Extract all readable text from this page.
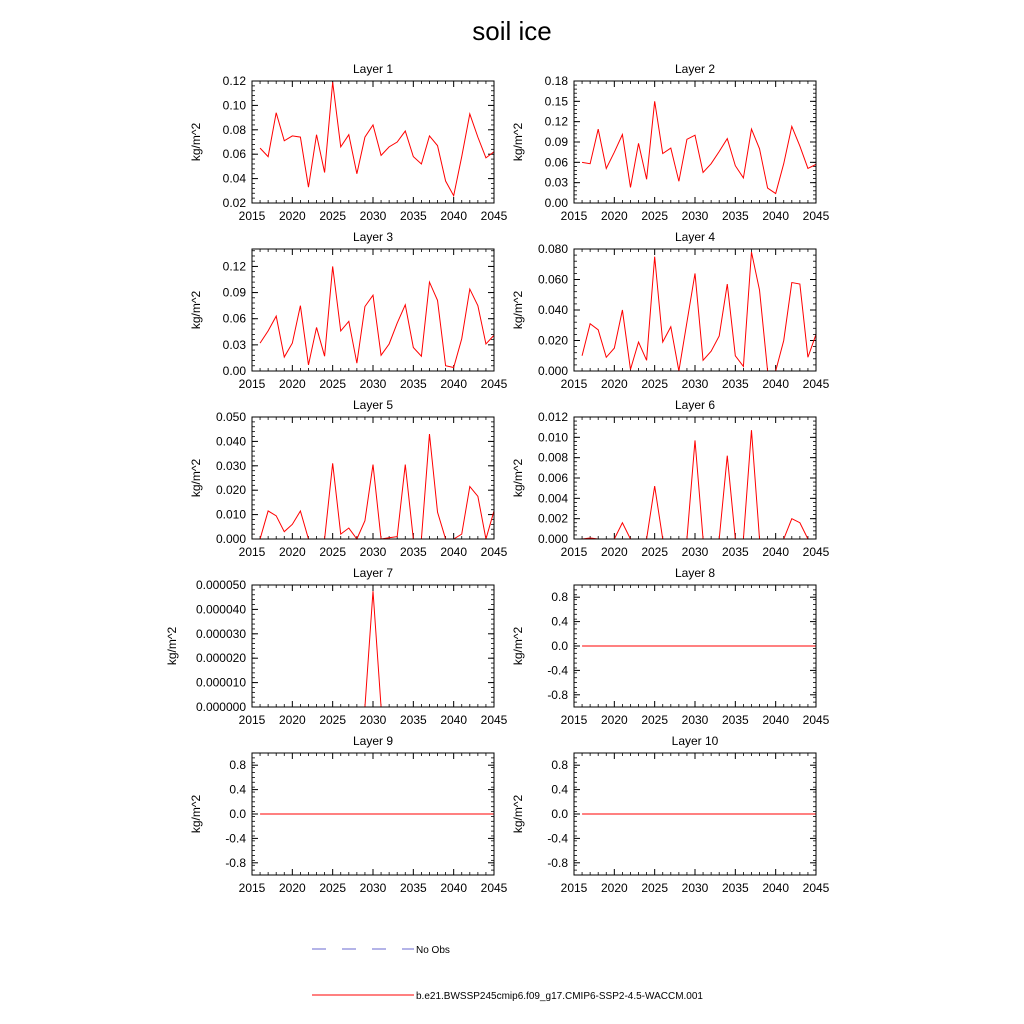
soil ice
Layer 1
kg/m^2
2015 2020 2025 2030 2035 2040 2045
0.02
0.04
0.06
0.08
0.10
0.12
Layer 2
kg/m^2
2015 2020 2025 2030 2035 2040 2045
0.00
0.03
0.06
0.09
0.12
0.15
0.18
Layer 3
kg/m^2
2015 2020 2025 2030 2035 2040 2045
0.00
0.03
0.06
0.09
0.12
Layer 4
kg/m^2
2015 2020 2025 2030 2035 2040 2045
0.000
0.020
0.040
0.060
0.080
Layer 5
kg/m^2
2015 2020 2025 2030 2035 2040 2045
0.000
0.010
0.020
0.030
0.040
0.050
Layer 6
kg/m^2
2015 2020 2025 2030 2035 2040 2045
0.000
0.002
0.004
0.006
0.008
0.010
0.012
Layer 7
kg/m^2
2015 2020 2025 2030 2035 2040 2045
0.000000
0.000010
0.000020
0.000030
0.000040
0.000050
Layer 8
kg/m^2
2015 2020 2025 2030 2035 2040 2045
-0.8
-0.4
0.0
0.4
0.8
Layer 9
kg/m^2
2015 2020 2025 2030 2035 2040 2045
-0.8
-0.4
0.0
0.4
0.8
Layer 10
kg/m^2
2015 2020 2025 2030 2035 2040 2045
-0.8
-0.4
0.0
0.4
0.8
No Obs
b.e21.BWSSP245cmip6.f09_g17.CMIP6-SSP2-4.5-WACCM.001
